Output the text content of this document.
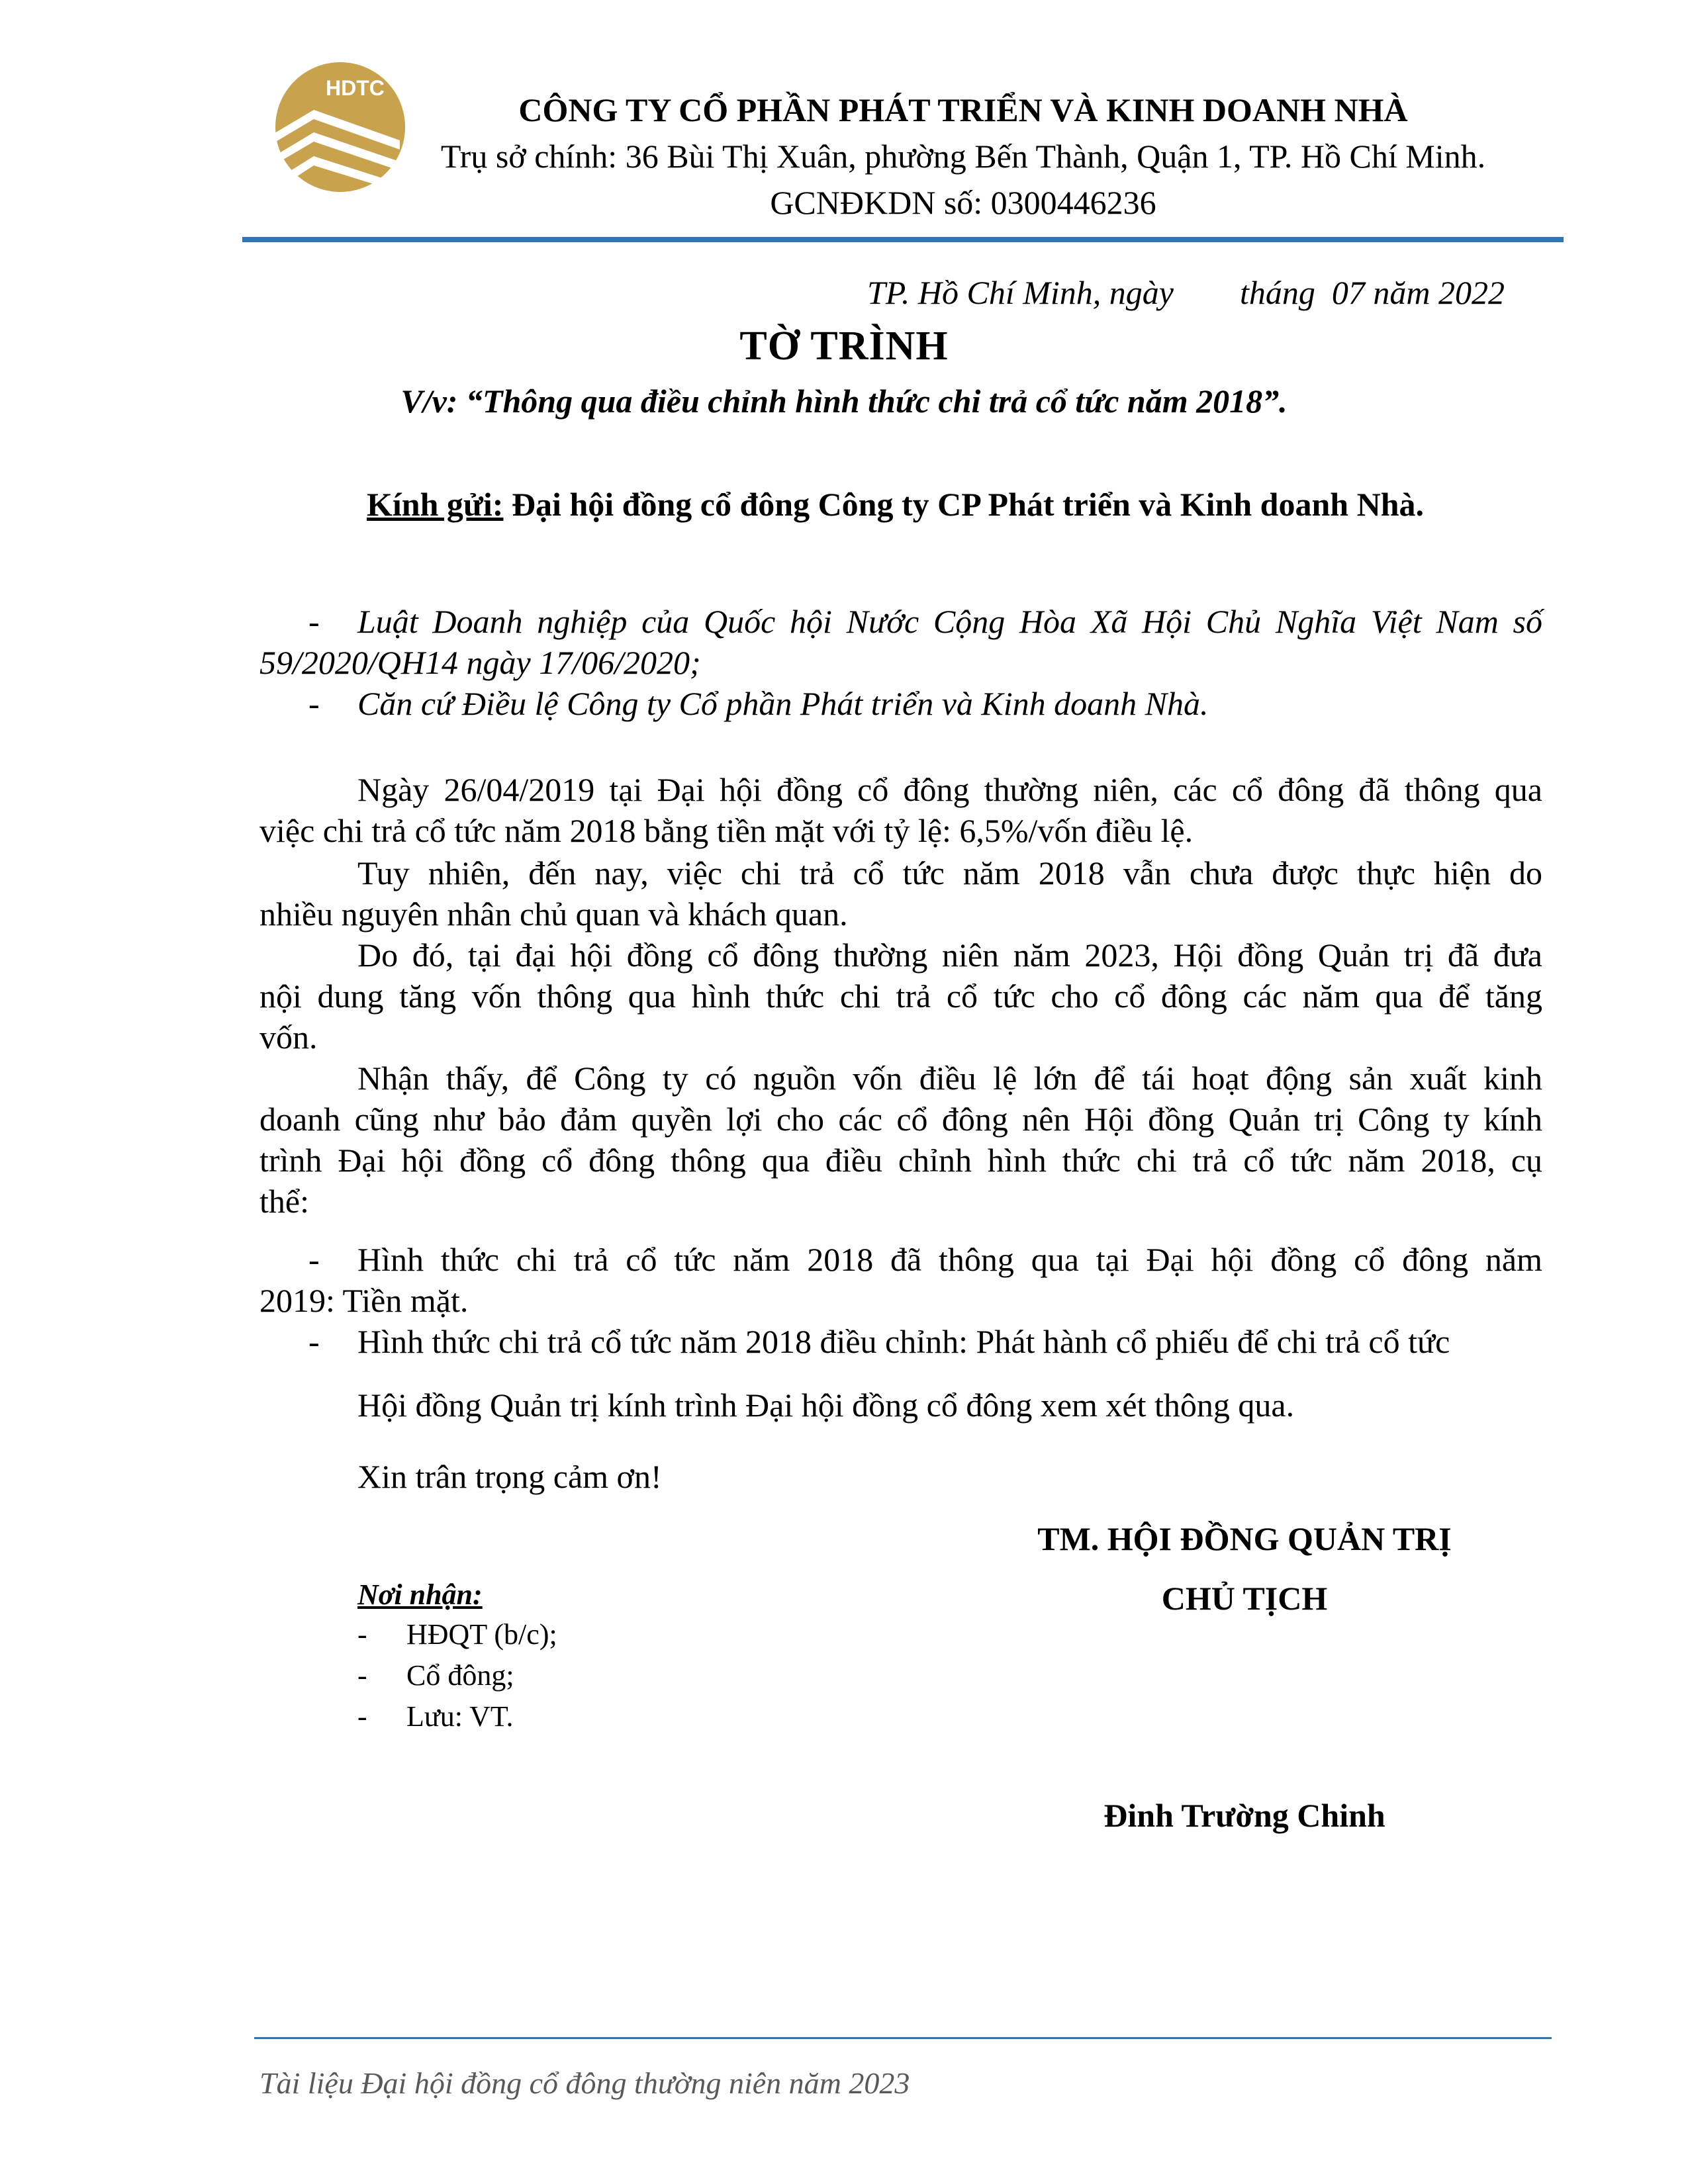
HDTC
CÔNG TY CỔ PHẦN PHÁT TRIỂN VÀ KINH DOANH NHÀ
Trụ sở chính: 36 Bùi Thị Xuân, phường Bến Thành, Quận 1, TP. Hồ Chí Minh.
GCNĐKDN số: 0300446236
TP. Hồ Chí Minh, ngày        tháng  07 năm 2022
TỜ TRÌNH
V/v: “Thông qua điều chỉnh hình thức chi trả cổ tức năm 2018”.
Kính gửi: Đại hội đồng cổ đông Công ty CP Phát triển và Kinh doanh Nhà.
- Luật Doanh nghiệp của Quốc hội Nước Cộng Hòa Xã Hội Chủ Nghĩa Việt Nam số
59/2020/QH14 ngày 17/06/2020;
- Căn cứ Điều lệ Công ty Cổ phần Phát triển và Kinh doanh Nhà.
Ngày 26/04/2019 tại Đại hội đồng cổ đông thường niên, các cổ đông đã thông qua
việc chi trả cổ tức năm 2018 bằng tiền mặt với tỷ lệ: 6,5%/vốn điều lệ.
Tuy nhiên, đến nay, việc chi trả cổ tức năm 2018 vẫn chưa được thực hiện do
nhiều nguyên nhân chủ quan và khách quan.
Do đó, tại đại hội đồng cổ đông thường niên năm 2023, Hội đồng Quản trị đã đưa
nội dung tăng vốn thông qua hình thức chi trả cổ tức cho cổ đông các năm qua để tăng
vốn.
Nhận thấy, để Công ty có nguồn vốn điều lệ lớn để tái hoạt động sản xuất kinh
doanh cũng như bảo đảm quyền lợi cho các cổ đông nên Hội đồng Quản trị Công ty kính
trình Đại hội đồng cổ đông thông qua điều chỉnh hình thức chi trả cổ tức năm 2018, cụ
thể:
- Hình thức chi trả cổ tức năm 2018 đã thông qua tại Đại hội đồng cổ đông năm
2019: Tiền mặt.
- Hình thức chi trả cổ tức năm 2018 điều chỉnh: Phát hành cổ phiếu để chi trả cổ tức
Hội đồng Quản trị kính trình Đại hội đồng cổ đông xem xét thông qua.
Xin trân trọng cảm ơn!
TM. HỘI ĐỒNG QUẢN TRỊ
CHỦ TỊCH
Đinh Trường Chinh
Nơi nhận:
- HĐQT (b/c);
- Cổ đông;
- Lưu: VT.
Tài liệu Đại hội đồng cổ đông thường niên năm 2023
